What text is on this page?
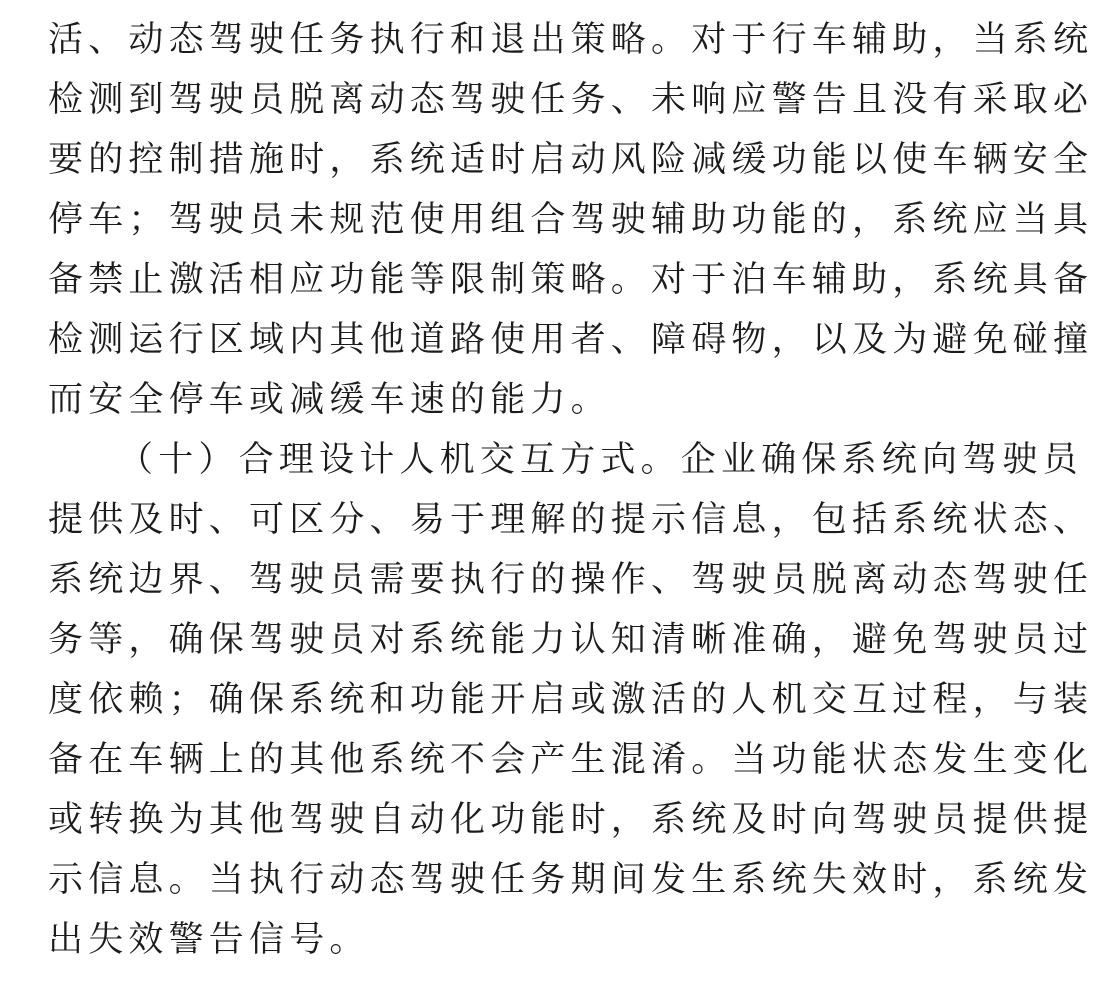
活、动态驾驶任务执行和退出策略。对于行车辅助，当系统
检测到驾驶员脱离动态驾驶任务、未响应警告且没有采取必
要的控制措施时，系统适时启动风险减缓功能以使车辆安全
停车；驾驶员未规范使用组合驾驶辅助功能的，系统应当具
备禁止激活相应功能等限制策略。对于泊车辅助，系统具备
检测运行区域内其他道路使用者、障碍物，以及为避免碰撞
而安全停车或减缓车速的能力。
（十）合理设计人机交互方式。企业确保系统向驾驶员
提供及时、可区分、易于理解的提示信息，包括系统状态、
系统边界、驾驶员需要执行的操作、驾驶员脱离动态驾驶任
务等，确保驾驶员对系统能力认知清晰准确，避免驾驶员过
度依赖；确保系统和功能开启或激活的人机交互过程，与装
备在车辆上的其他系统不会产生混淆。当功能状态发生变化
或转换为其他驾驶自动化功能时，系统及时向驾驶员提供提
示信息。当执行动态驾驶任务期间发生系统失效时，系统发
出失效警告信号。
